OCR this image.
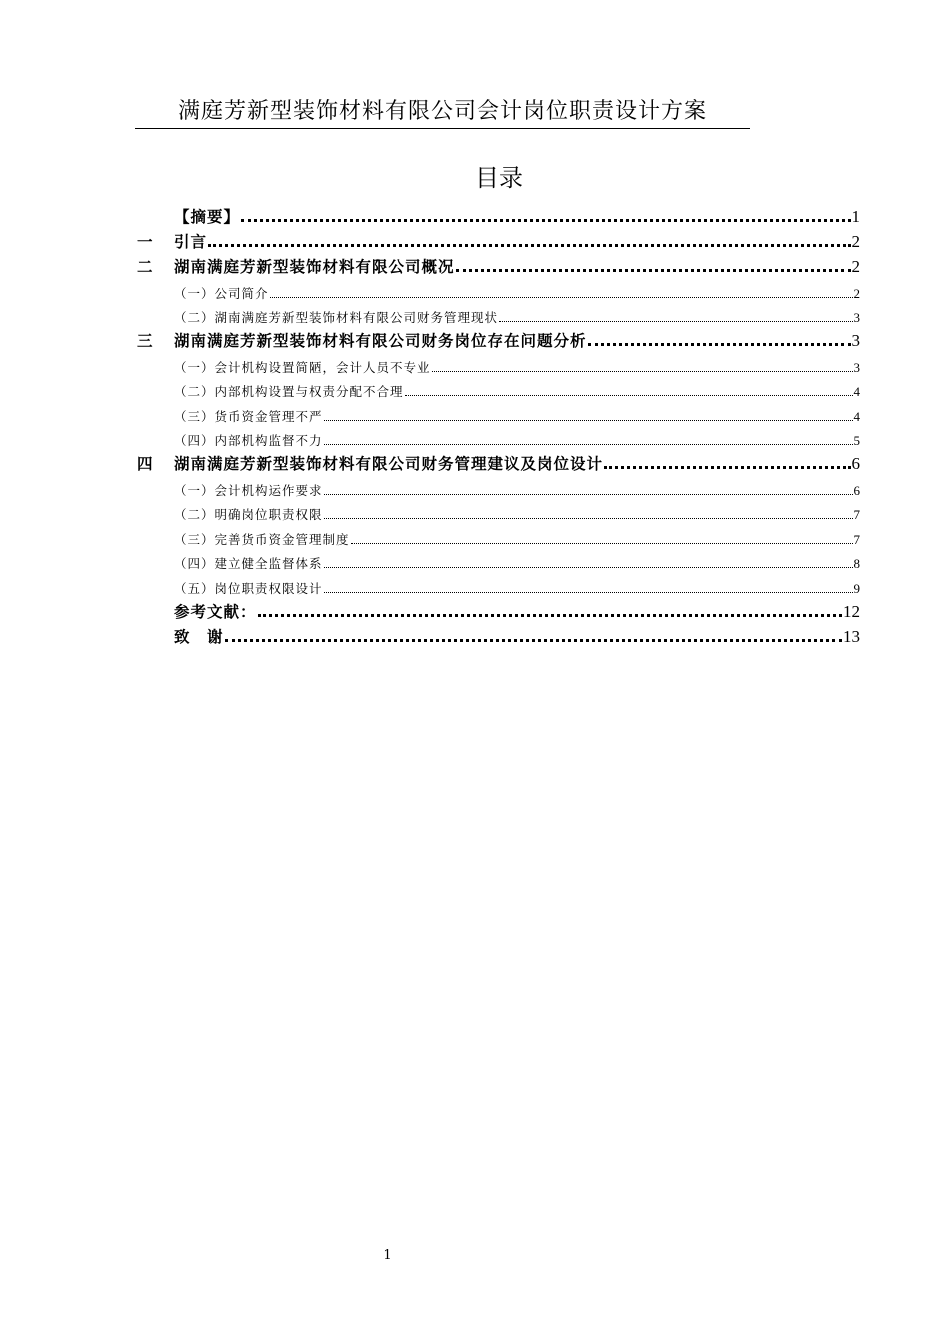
满庭芳新型装饰材料有限公司会计岗位职责设计方案
目录
【摘要】	1
一	引言	2
二	湖南满庭芳新型装饰材料有限公司概况	2
（一）公司简介	2
（二）湖南满庭芳新型装饰材料有限公司财务管理现状	3
三	湖南满庭芳新型装饰材料有限公司财务岗位存在问题分析	3
（一）会计机构设置简陋，会计人员不专业	3
（二）内部机构设置与权责分配不合理	4
（三）货币资金管理不严	4
（四）内部机构监督不力	5
四	湖南满庭芳新型装饰材料有限公司财务管理建议及岗位设计	6
（一）会计机构运作要求	6
（二）明确岗位职责权限	7
（三）完善货币资金管理制度	7
（四）建立健全监督体系	8
（五）岗位职责权限设计	9
参考文献：	12
致　谢	13
1
